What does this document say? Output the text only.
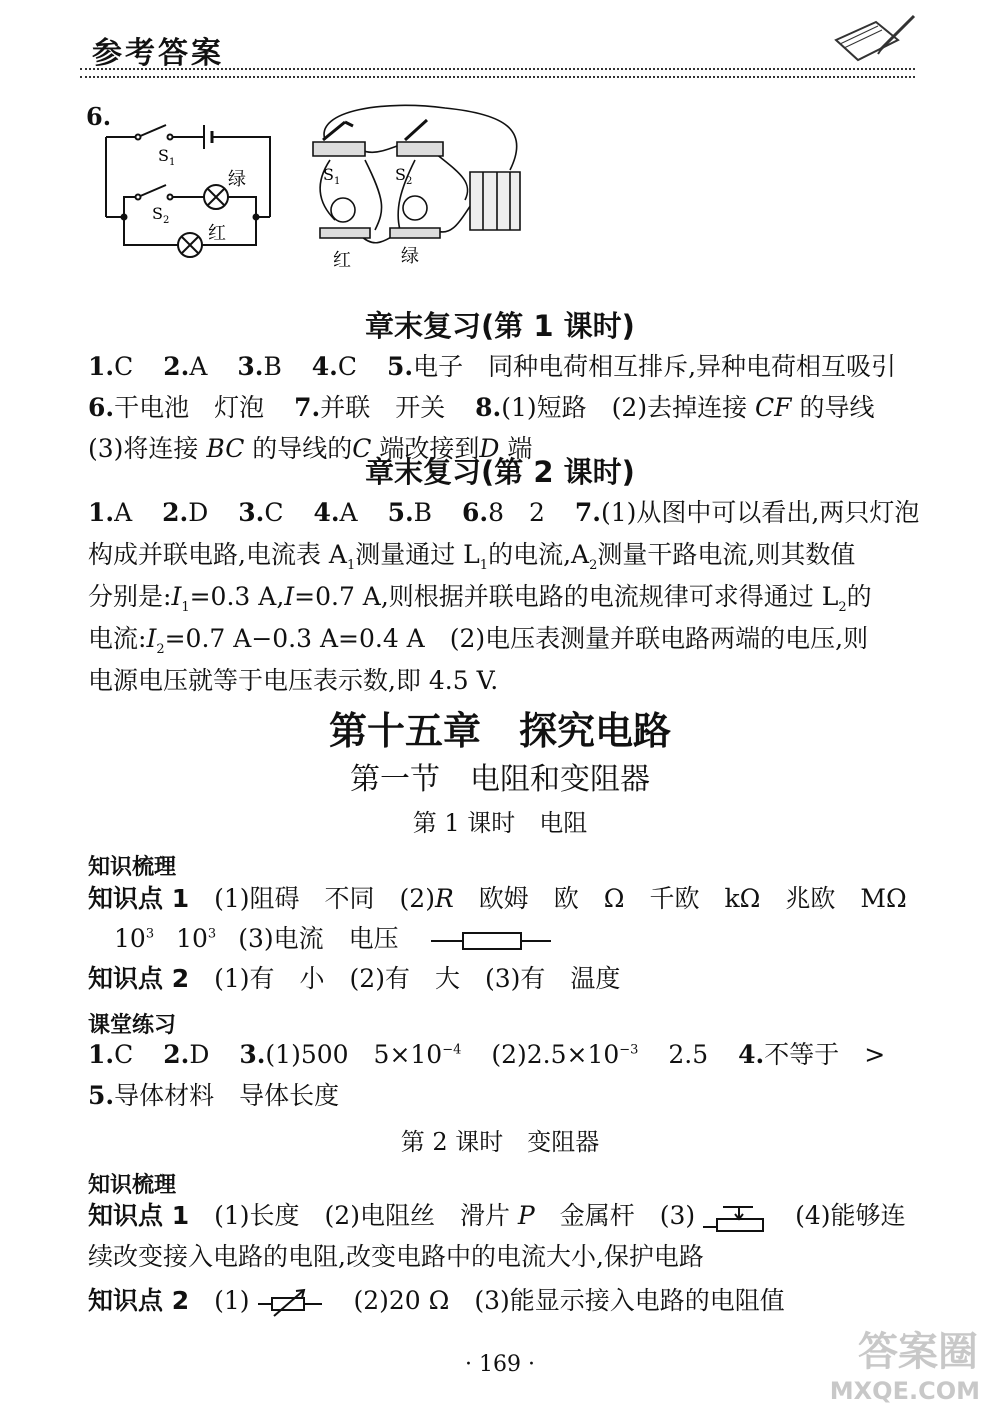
参考答案
6.
S 1
S 2
绿
红
S 1	S 2
红	绿
章末复习(第 1 课时)
1.C 2.A 3.B 4.C 5.电子　同种电荷相互排斥,异种电荷相互吸引
6.干电池　灯泡 7.并联　开关 8.(1)短路　(2)去掉连接 CF 的导线
(3)将连接 BC 的导线的C 端改接到D 端
章末复习(第 2 课时)
1.A 2.D 3.C 4.A 5.B 6.8　2 7.(1)从图中可以看出,两只灯泡
构成并联电路,电流表 $A_1$测量通过 $L_1$的电流$,A_2$测量干路电流,则其数值
分别是$:I_1=0.3$ A,I=0.7 A,则根据并联电路的电流规律可求得通过 $L_2$的
电流$:I_2=0.7$ A−0.3 A=0.4 A　(2)电压表测量并联电路两端的电压,则
电源电压就等于电压表示数,即 4.5 V.
第十五章　探究电路
第一节　电阻和变阻器
第 1 课时　电阻
知识梳理
知识点 1　 (1)阻碍　不同　(2)R　欧姆　欧　Ω　千欧　kΩ　兆欧　MΩ
$10^3$ $10^3$ (3)电流　电压
知识点 2　 (1)有　小　(2)有　大　(3)有　温度
课堂练习
1.C 2.D 3.(1)500　$5\times 10^{-4}$ $(2)2.5\times 10^{-3}$ 2.5 4.不等于　>
5.导体材料　导体长度
第 2 课时　变阻器
知识梳理
知识点 1　 (1)长度　(2)电阻丝　滑片 P　金属杆　(3)	(4)能够连
续改变接入电路的电阻,改变电路中的电流大小,保护电路
知识点 2　 (1)	(2)20 Ω　(3)能显示接入电路的电阻值
· 169 ·	答案圈
MXQE.COM
